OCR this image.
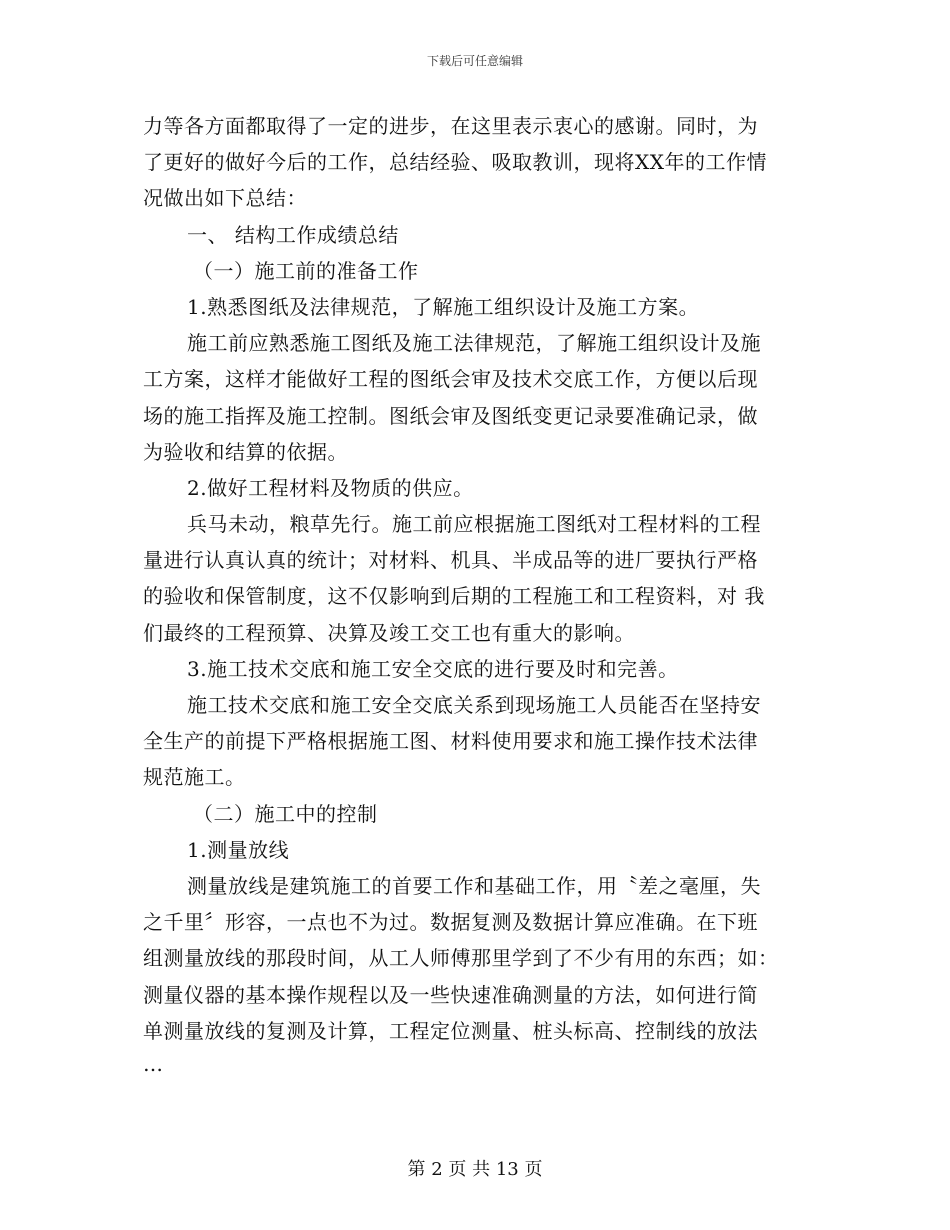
下载后可任意编辑
力等各方面都取得了一定的进步，在这里表示衷心的感谢。同时，为
了更好的做好今后的工作，总结经验、吸取教训，现将XX年的工作情
况做出如下总结：
一、 结构工作成绩总结
（一）施工前的准备工作
1.熟悉图纸及法律规范，了解施工组织设计及施工方案。
施工前应熟悉施工图纸及施工法律规范，了解施工组织设计及施
工方案，这样才能做好工程的图纸会审及技术交底工作，方便以后现
场的施工指挥及施工控制。图纸会审及图纸变更记录要准确记录，做
为验收和结算的依据。
2.做好工程材料及物质的供应。
兵马未动，粮草先行。施工前应根据施工图纸对工程材料的工程
量进行认真认真的统计；对材料、机具、半成品等的进厂要执行严格
的验收和保管制度，这不仅影响到后期的工程施工和工程资料，对 我
们最终的工程预算、决算及竣工交工也有重大的影响。
3.施工技术交底和施工安全交底的进行要及时和完善。
施工技术交底和施工安全交底关系到现场施工人员能否在坚持安
全生产的前提下严格根据施工图、材料使用要求和施工操作技术法律
规范施工。
（二）施工中的控制
1.测量放线
测量放线是建筑施工的首要工作和基础工作，用〝差之毫厘，失
之千里〞形容，一点也不为过。数据复测及数据计算应准确。在下班
组测量放线的那段时间，从工人师傅那里学到了不少有用的东西；如：
测量仪器的基本操作规程以及一些快速准确测量的方法，如何进行简
单测量放线的复测及计算，工程定位测量、桩头标高、控制线的放法
…
第 2 页 共 13 页
